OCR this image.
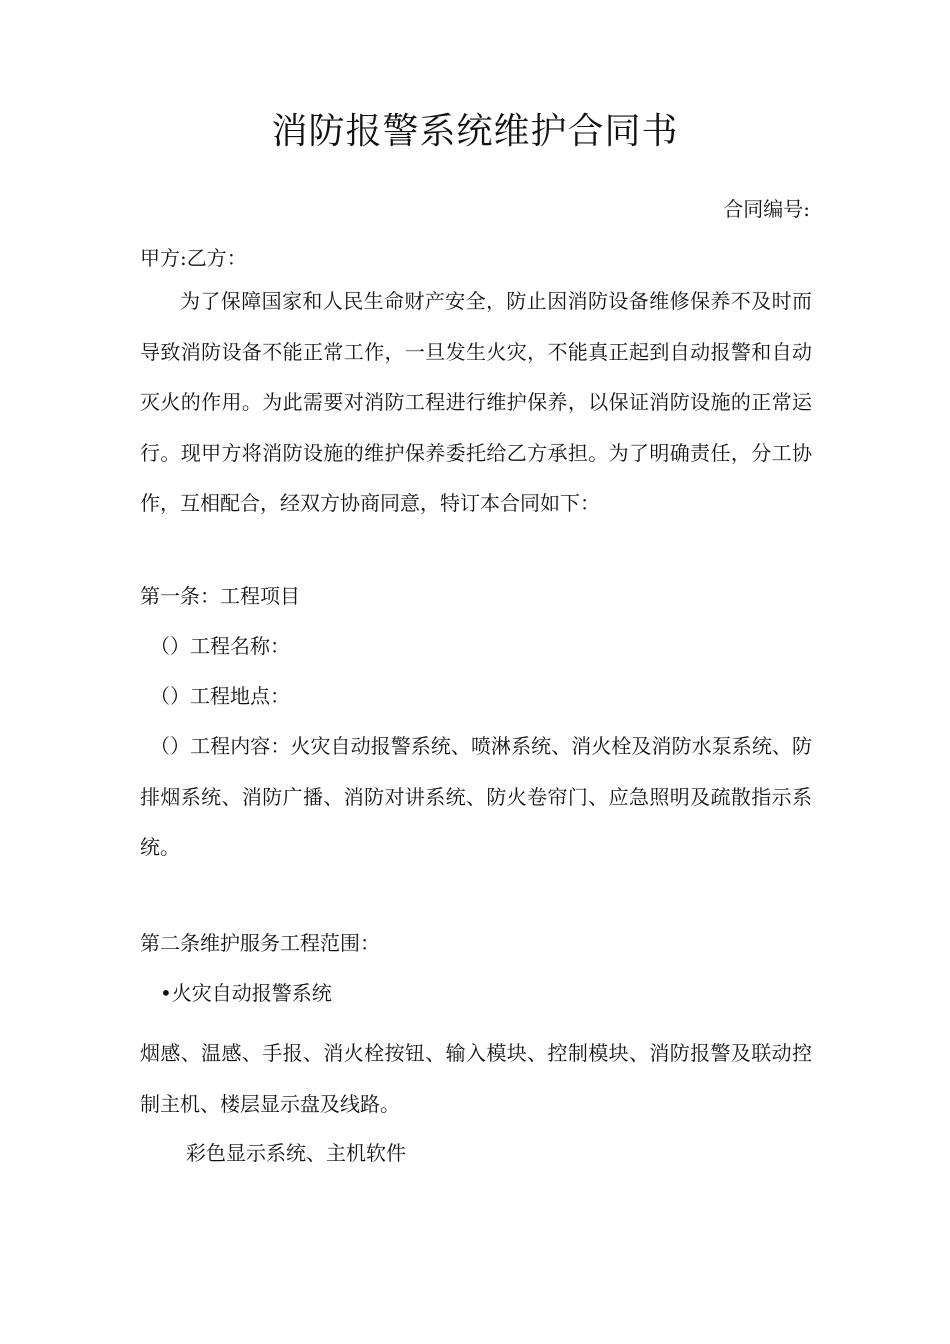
消防报警系统维护合同书
合同编号:
甲方:乙方：

为了保障国家和人民生命财产安全，防止因消防设备维修保养不及时而导致消防设备不能正常工作，一旦发生火灾，不能真正起到自动报警和自动灭火的作用。为此需要对消防工程进行维护保养，以保证消防设施的正常运行。现甲方将消防设施的维护保养委托给乙方承担。为了明确责任，分工协作，互相配合，经双方协商同意，特订本合同如下：

第一条：工程项目
（）工程名称：
（）工程地点：

（）工程内容：火灾自动报警系统、喷淋系统、消火栓及消防水泵系统、防排烟系统、消防广播、消防对讲系统、防火卷帘门、应急照明及疏散指示系统。

第二条维护服务工程范围：
•火灾自动报警系统

烟感、温感、手报、消火栓按钮、输入模块、控制模块、消防报警及联动控制主机、楼层显示盘及线路。

彩色显示系统、主机软件
